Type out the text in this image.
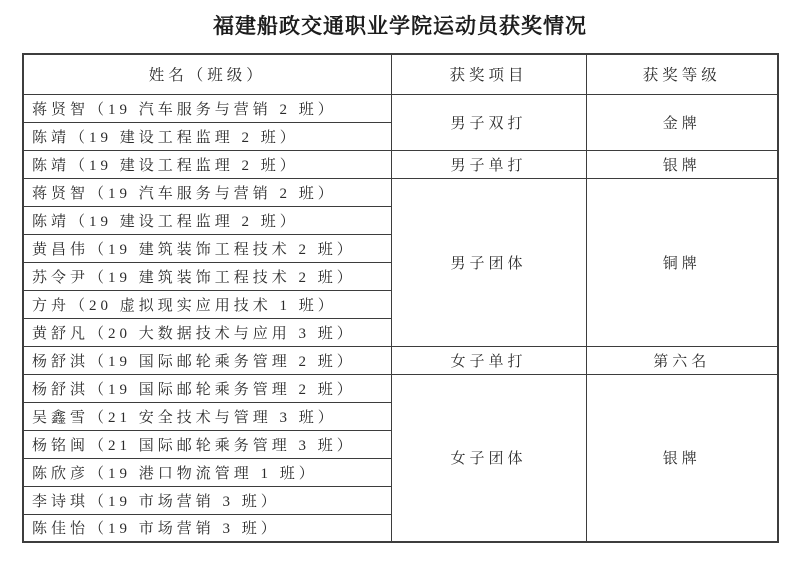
福建船政交通职业学院运动员获奖情况
姓名（班级）	获奖项目	获奖等级
蒋贤智（19 汽车服务与营销 2 班）	男子双打	金牌
陈靖（19 建设工程监理 2 班）		
陈靖（19 建设工程监理 2 班）	男子单打	银牌
蒋贤智（19 汽车服务与营销 2 班）	男子团体	铜牌
陈靖（19 建设工程监理 2 班）		
黄昌伟（19 建筑装饰工程技术 2 班）		
苏令尹（19 建筑装饰工程技术 2 班）		
方舟（20 虚拟现实应用技术 1 班）		
黄舒凡（20 大数据技术与应用 3 班）		
杨舒淇（19 国际邮轮乘务管理 2 班）	女子单打	第六名
杨舒淇（19 国际邮轮乘务管理 2 班）	女子团体	银牌
吴鑫雪（21 安全技术与管理 3 班）		
杨铭闽（21 国际邮轮乘务管理 3 班）		
陈欣彦（19 港口物流管理 1 班）		
李诗琪（19 市场营销 3 班）		
陈佳怡（19 市场营销 3 班）		
